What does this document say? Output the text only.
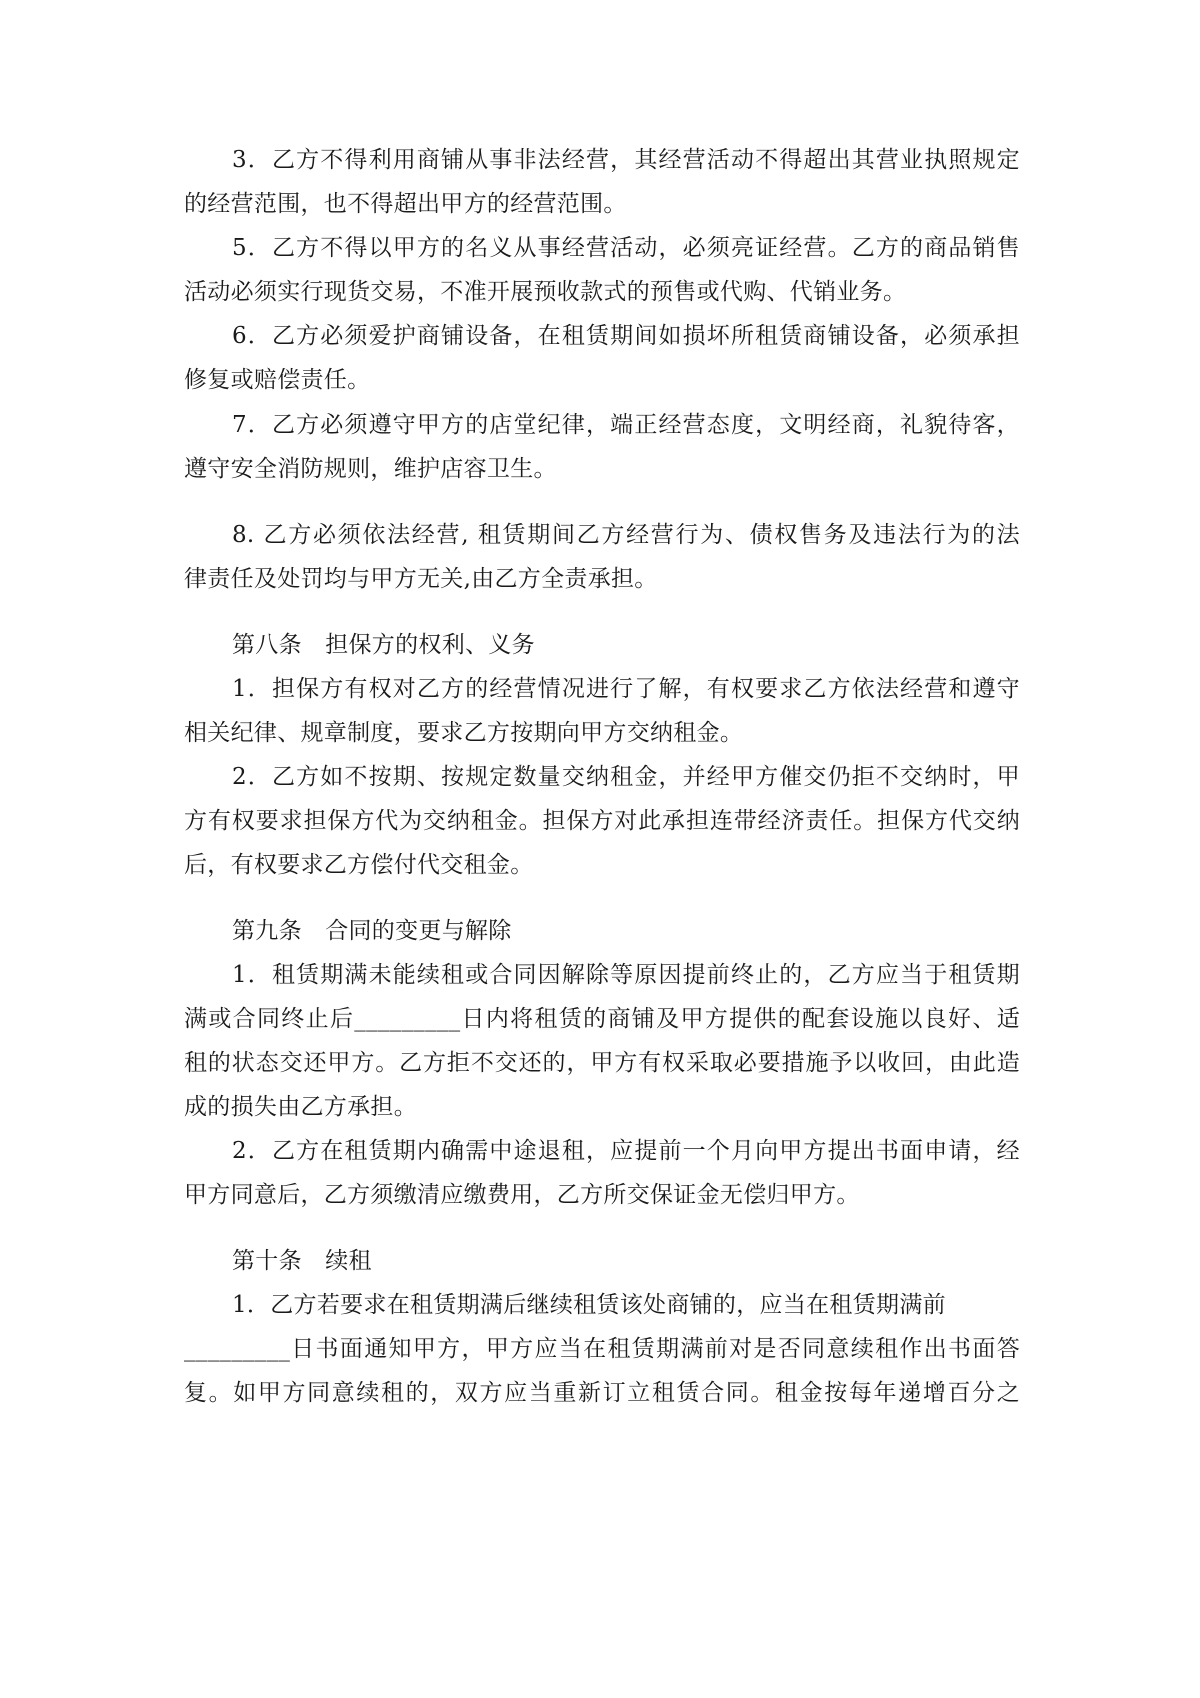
3．乙方不得利用商铺从事非法经营，其经营活动不得超出其营业执照规定
的经营范围，也不得超出甲方的经营范围。
5．乙方不得以甲方的名义从事经营活动，必须亮证经营。乙方的商品销售
活动必须实行现货交易，不准开展预收款式的预售或代购、代销业务。
6．乙方必须爱护商铺设备，在租赁期间如损坏所租赁商铺设备，必须承担
修复或赔偿责任。
7．乙方必须遵守甲方的店堂纪律，端正经营态度，文明经商，礼貌待客，
遵守安全消防规则，维护店容卫生。
8. 乙方必须依法经营, 租赁期间乙方经营行为、债权售务及违法行为的法
律责任及处罚均与甲方无关,由乙方全责承担。
第八条　担保方的权利、义务
1．担保方有权对乙方的经营情况进行了解，有权要求乙方依法经营和遵守
相关纪律、规章制度，要求乙方按期向甲方交纳租金。
2．乙方如不按期、按规定数量交纳租金，并经甲方催交仍拒不交纳时，甲
方有权要求担保方代为交纳租金。担保方对此承担连带经济责任。担保方代交纳
后，有权要求乙方偿付代交租金。
第九条　合同的变更与解除
1．租赁期满未能续租或合同因解除等原因提前终止的，乙方应当于租赁期
满或合同终止后_________日内将租赁的商铺及甲方提供的配套设施以良好、适
租的状态交还甲方。乙方拒不交还的，甲方有权采取必要措施予以收回，由此造
成的损失由乙方承担。
2．乙方在租赁期内确需中途退租，应提前一个月向甲方提出书面申请，经
甲方同意后，乙方须缴清应缴费用，乙方所交保证金无偿归甲方。
第十条　续租
1．乙方若要求在租赁期满后继续租赁该处商铺的，应当在租赁期满前
_________日书面通知甲方，甲方应当在租赁期满前对是否同意续租作出书面答
复。如甲方同意续租的，双方应当重新订立租赁合同。租金按每年递增百分之
